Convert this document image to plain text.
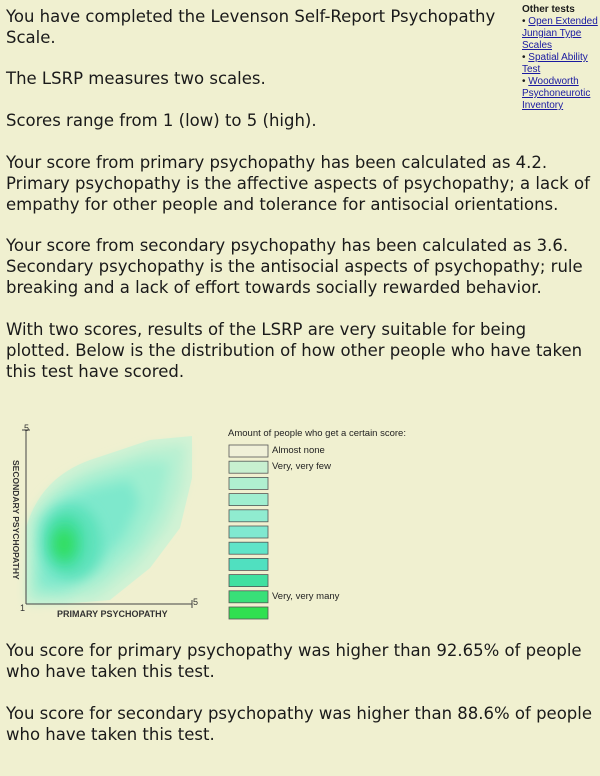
You have completed the Levenson Self-Report Psychopathy Scale.

The LSRP measures two scales.

Scores range from 1 (low) to 5 (high).

Your score from primary psychopathy has been calculated as 4.2. Primary psychopathy is the affective aspects of psychopathy; a lack of empathy for other people and tolerance for antisocial orientations.

Your score from secondary psychopathy has been calculated as 3.6. Secondary psychopathy is the antisocial aspects of psychopathy; rule breaking and a lack of effort towards socially rewarded behavior.

With two scores, results of the LSRP are very suitable for being plotted. Below is the distribution of how other people who have taken this test have scored.

Other tests
• Open Extended Jungian Type Scales
• Spatial Ability Test
• Woodworth Psychoneurotic Inventory
5
1
5
PRIMARY PSYCHOPATHY
SECONDARY PSYCHOPATHY
Amount of people who get a certain score:
Almost none
Very, very few
Very, very many

You score for primary psychopathy was higher than 92.65% of people who have taken this test.

You score for secondary psychopathy was higher than 88.6% of people who have taken this test.
